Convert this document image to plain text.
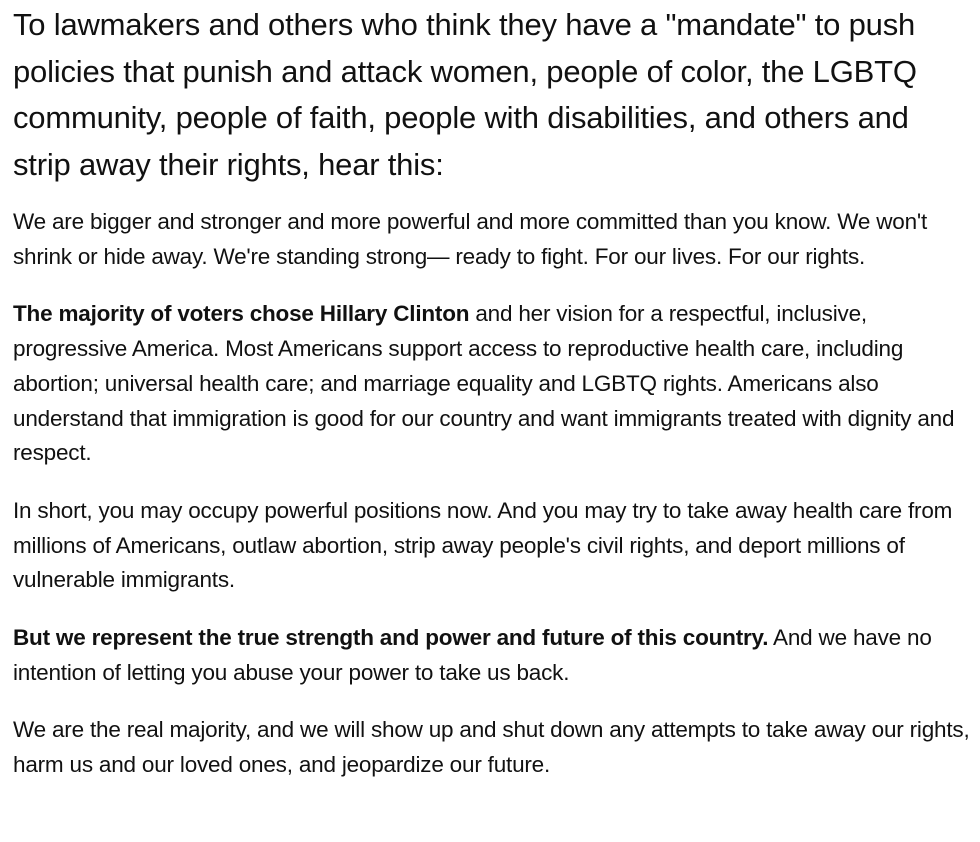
To lawmakers and others who think they have a "mandate" to push policies that punish and attack women, people of color, the LGBTQ community, people of faith, people with disabilities, and others and strip away their rights, hear this:

We are bigger and stronger and more powerful and more committed than you know. We won't shrink or hide away. We're standing strong— ready to fight. For our lives. For our rights.

The majority of voters chose Hillary Clinton and her vision for a respectful, inclusive, progressive America. Most Americans support access to reproductive health care, including abortion; universal health care; and marriage equality and LGBTQ rights. Americans also understand that immigration is good for our country and want immigrants treated with dignity and respect.

In short, you may occupy powerful positions now. And you may try to take away health care from millions of Americans, outlaw abortion, strip away people's civil rights, and deport millions of vulnerable immigrants.

But we represent the true strength and power and future of this country. And we have no intention of letting you abuse your power to take us back.

We are the real majority, and we will show up and shut down any attempts to take away our rights, harm us and our loved ones, and jeopardize our future.
